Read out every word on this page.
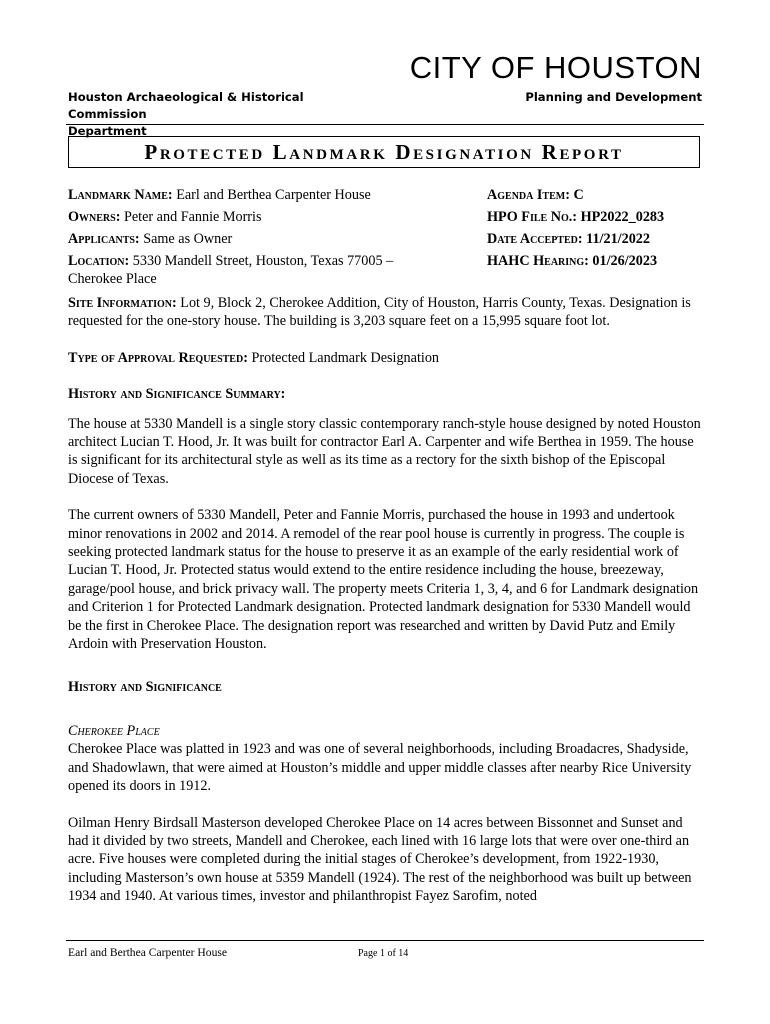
CITY OF HOUSTON
Houston Archaeological & Historical Commission
Department
Planning and Development
Protected Landmark Designation Report
Landmark Name: Earl and Berthea Carpenter House
Owners: Peter and Fannie Morris
Applicants: Same as Owner
Location: 5330 Mandell Street, Houston, Texas 77005 – Cherokee Place
Agenda Item: C
HPO File No.: HP2022_0283
Date Accepted: 11/21/2022
HAHC Hearing: 01/26/2023

Site Information: Lot 9, Block 2, Cherokee Addition, City of Houston, Harris County, Texas. Designation is requested for the one-story house. The building is 3,203 square feet on a 15,995 square foot lot.

Type of Approval Requested: Protected Landmark Designation

History and Significance Summary:

The house at 5330 Mandell is a single story classic contemporary ranch-style house designed by noted Houston architect Lucian T. Hood, Jr. It was built for contractor Earl A. Carpenter and wife Berthea in 1959. The house is significant for its architectural style as well as its time as a rectory for the sixth bishop of the Episcopal Diocese of Texas.

The current owners of 5330 Mandell, Peter and Fannie Morris, purchased the house in 1993 and undertook minor renovations in 2002 and 2014. A remodel of the rear pool house is currently in progress. The couple is seeking protected landmark status for the house to preserve it as an example of the early residential work of Lucian T. Hood, Jr. Protected status would extend to the entire residence including the house, breezeway, garage/pool house, and brick privacy wall. The property meets Criteria 1, 3, 4, and 6 for Landmark designation and Criterion 1 for Protected Landmark designation. Protected landmark designation for 5330 Mandell would be the first in Cherokee Place. The designation report was researched and written by David Putz and Emily Ardoin with Preservation Houston.

History and Significance
Cherokee Place

Cherokee Place was platted in 1923 and was one of several neighborhoods, including Broadacres, Shadyside, and Shadowlawn, that were aimed at Houston’s middle and upper middle classes after nearby Rice University opened its doors in 1912.

Oilman Henry Birdsall Masterson developed Cherokee Place on 14 acres between Bissonnet and Sunset and had it divided by two streets, Mandell and Cherokee, each lined with 16 large lots that were over one-third an acre. Five houses were completed during the initial stages of Cherokee’s development, from 1922-1930, including Masterson’s own house at 5359 Mandell (1924). The rest of the neighborhood was built up between 1934 and 1940. At various times, investor and philanthropist Fayez Sarofim, noted

Earl and Berthea Carpenter House	Page 1 of 14
